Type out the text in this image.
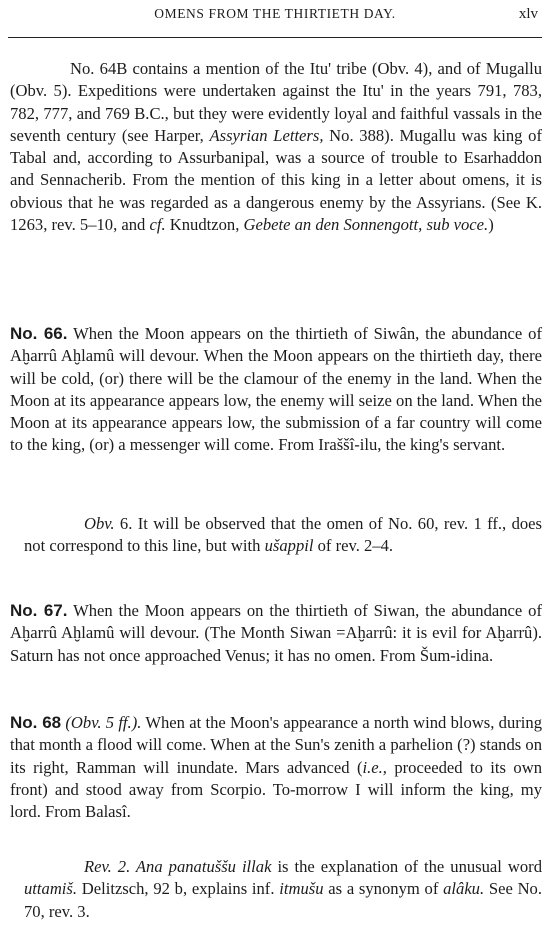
OMENS FROM THE THIRTIETH DAY.	xlv

No. 64B contains a mention of the Itu' tribe (Obv. 4), and of Mugallu (Obv. 5). Expeditions were undertaken against the Itu' in the years 791, 783, 782, 777, and 769 B.C., but they were evidently loyal and faithful vassals in the seventh century (see Harper, Assyrian Letters, No. 388). Mugallu was king of Tabal and, according to Assurbanipal, was a source of trouble to Esarhaddon and Sennacherib. From the mention of this king in a letter about omens, it is obvious that he was regarded as a dangerous enemy by the Assyrians. (See K. 1263, rev. 5–10, and cf. Knudtzon, Gebete an den Sonnengott, sub voce.)

No. 66. When the Moon appears on the thirtieth of Siwân, the abundance of Aḫarrû Aḫlamû will devour. When the Moon appears on the thirtieth day, there will be cold, (or) there will be the clamour of the enemy in the land. When the Moon at its appearance appears low, the enemy will seize on the land. When the Moon at its appearance appears low, the submission of a far country will come to the king, (or) a messenger will come. From Iraššî-ilu, the king's servant.

Obv. 6. It will be observed that the omen of No. 60, rev. 1 ff., does not correspond to this line, but with ušappil of rev. 2–4.

No. 67. When the Moon appears on the thirtieth of Siwan, the abundance of Aḫarrû Aḫlamû will devour. (The Month Siwan =Aḫarrû: it is evil for Aḫarrû). Saturn has not once approached Venus; it has no omen. From Šum-idina.

No. 68 (Obv. 5 ff.). When at the Moon's appearance a north wind blows, during that month a flood will come. When at the Sun's zenith a parhelion (?) stands on its right, Ramman will inundate. Mars advanced (i.e., proceeded to its own front) and stood away from Scorpio. To-morrow I will inform the king, my lord. From Balasî.

Rev. 2. Ana panatuššu illak is the explanation of the unusual word uttamiš. Delitzsch, 92 b, explains inf. itmušu as a synonym of alâku. See No. 70, rev. 3.
